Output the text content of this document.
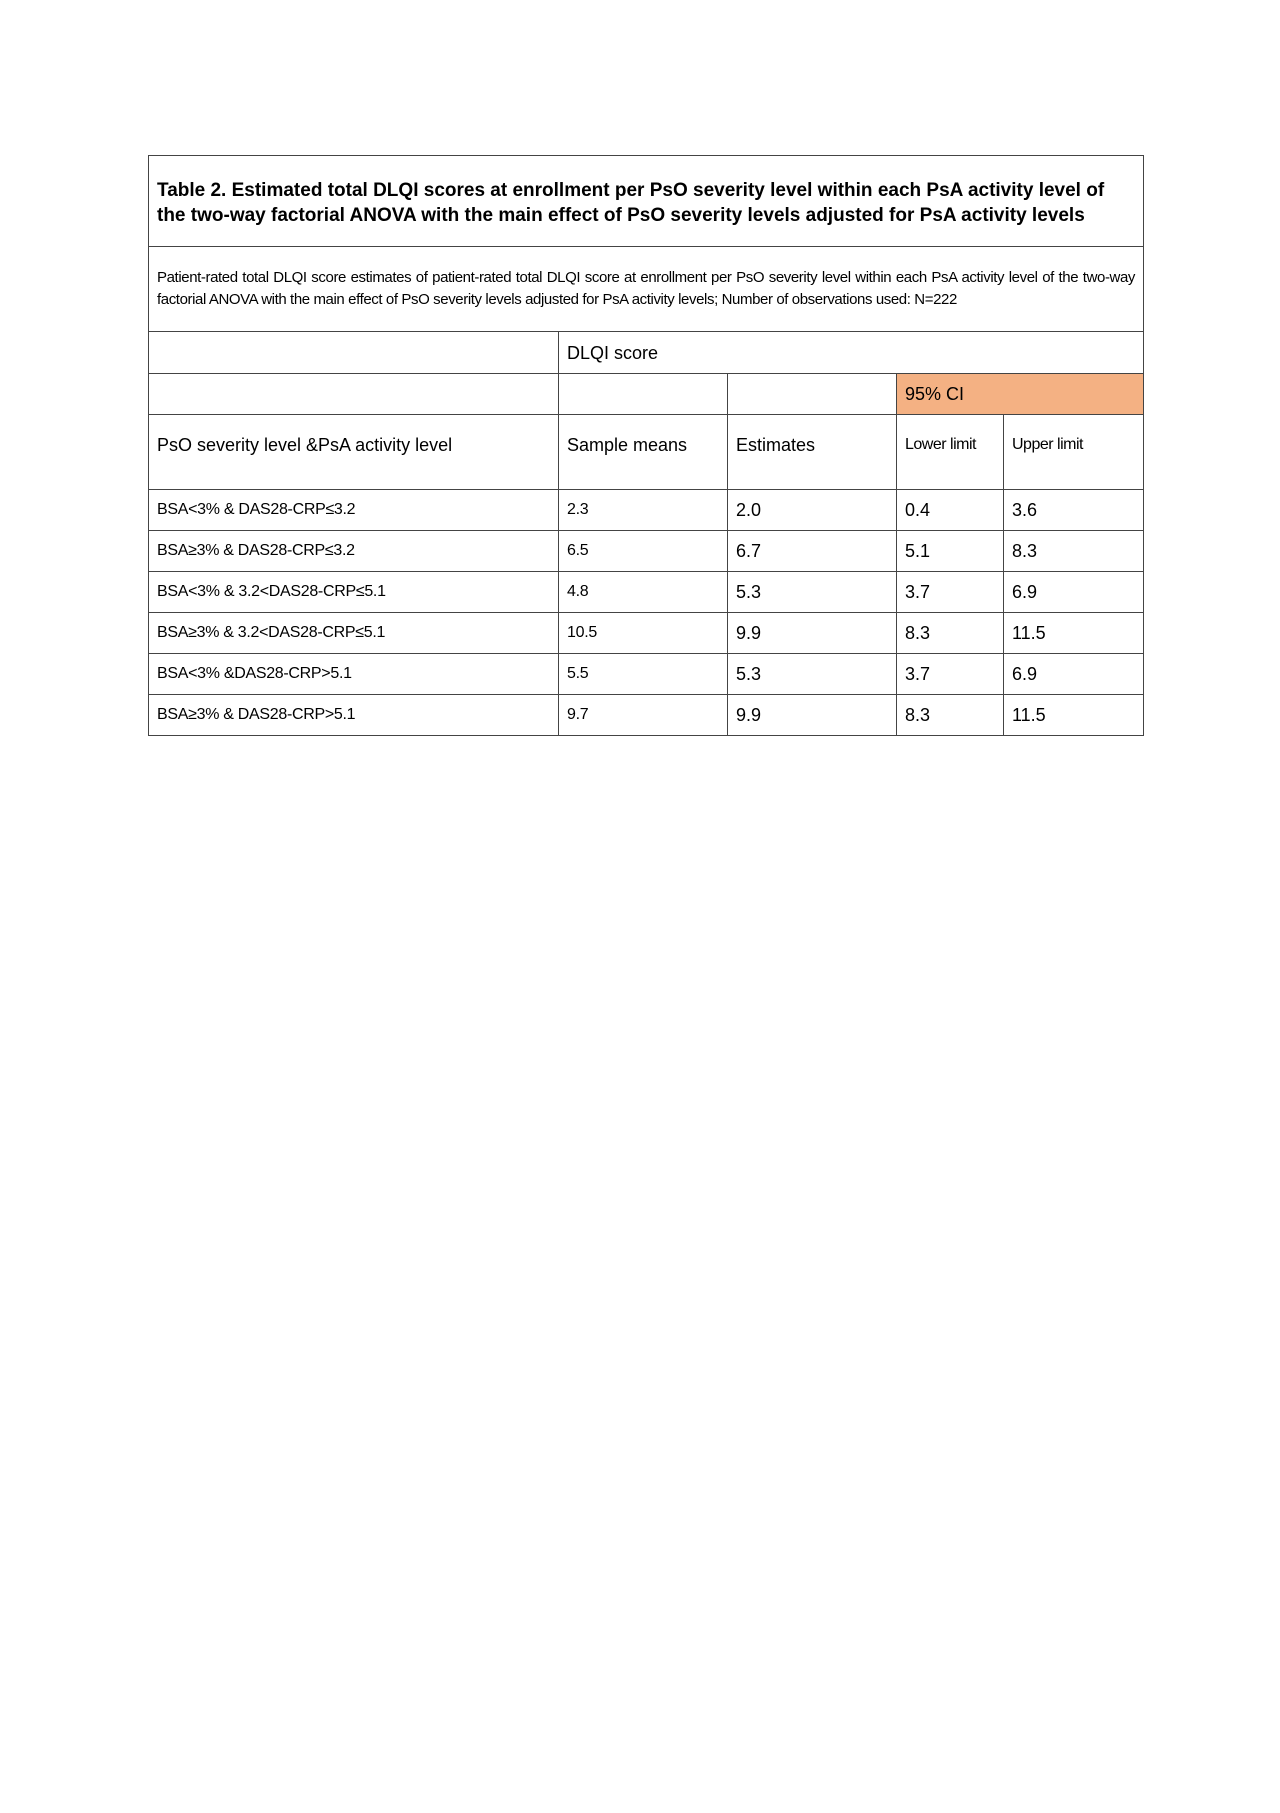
Table 2. Estimated total DLQI scores at enrollment per PsO severity level within each PsA activity level of the two-way factorial ANOVA with the main effect of PsO severity levels adjusted for PsA activity levels				
Patient-rated total DLQI score estimates of patient-rated total DLQI score at enrollment per PsO severity level within each PsA activity level of the two-way factorial ANOVA with the main effect of PsO severity levels adjusted for PsA activity levels; Number of observations used: N=222				
	DLQI score			
			95% CI	
PsO severity level &PsA activity level	Sample means	Estimates	Lower limit	Upper limit
BSA<3% & DAS28-CRP≤3.2	2.3	2.0	0.4	3.6
BSA≥3% & DAS28-CRP≤3.2	6.5	6.7	5.1	8.3
BSA<3% & 3.2<DAS28-CRP≤5.1	4.8	5.3	3.7	6.9
BSA≥3% & 3.2<DAS28-CRP≤5.1	10.5	9.9	8.3	11.5
BSA<3% &DAS28-CRP>5.1	5.5	5.3	3.7	6.9
BSA≥3% & DAS28-CRP>5.1	9.7	9.9	8.3	11.5
